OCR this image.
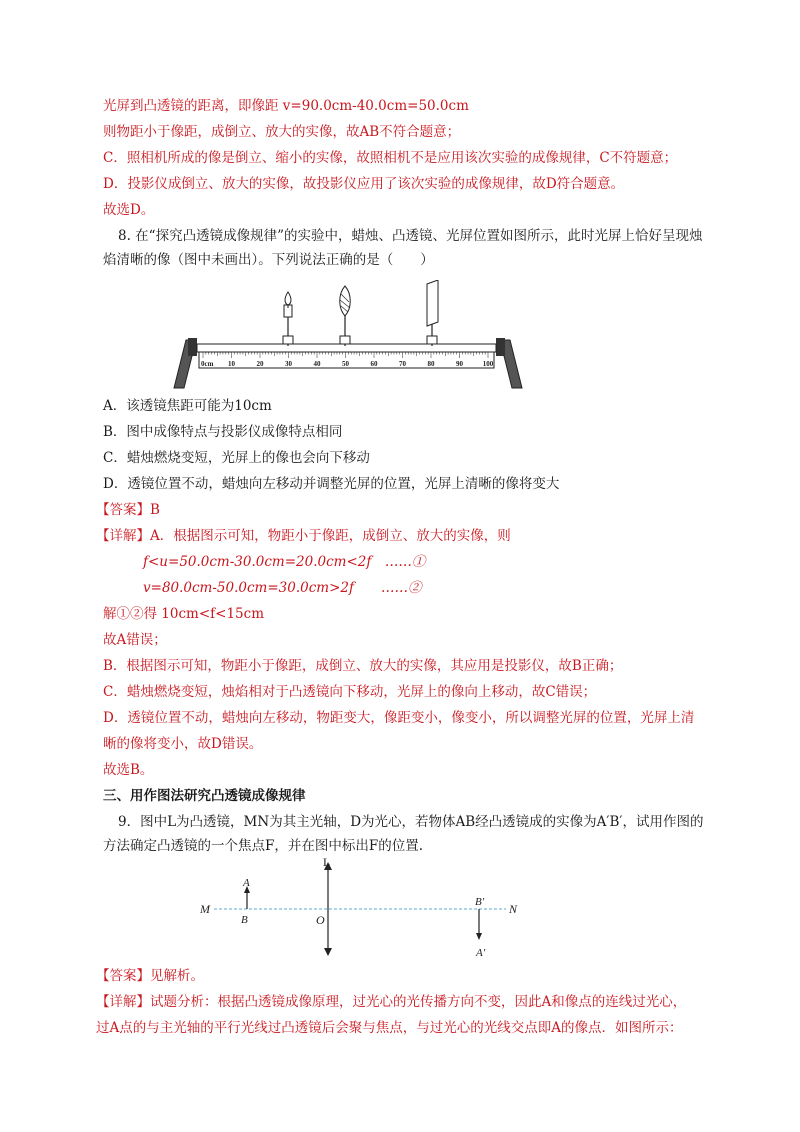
光屏到凸透镜的距离，即像距 v=90.0cm-40.0cm=50.0cm
则物距小于像距，成倒立、放大的实像，故AB不符合题意；
C．照相机所成的像是倒立、缩小的实像，故照相机不是应用该次实验的成像规律，C不符题意；
D．投影仪成倒立、放大的实像，故投影仪应用了该次实验的成像规律，故D符合题意。
故选D。
8. 在“探究凸透镜成像规律”的实验中，蜡烛、凸透镜、光屏位置如图所示，此时光屏上恰好呈现烛
焰清晰的像（图中未画出）。下列说法正确的是（　　）
0cm 10	20	30	40	50	60	70	80	90	100
A．该透镜焦距可能为10cm
B．图中成像特点与投影仪成像特点相同
C．蜡烛燃烧变短，光屏上的像也会向下移动
D．透镜位置不动，蜡烛向左移动并调整光屏的位置，光屏上清晰的像将变大
【答案】B
【详解】A．根据图示可知，物距小于像距，成倒立、放大的实像，则
f<u=50.0cm-30.0cm=20.0cm<2f　……①
v=80.0cm-50.0cm=30.0cm>2f　　……②
解①②得 10cm<f<15cm
故A错误；
B．根据图示可知，物距小于像距，成倒立、放大的实像，其应用是投影仪，故B正确；
C．蜡烛燃烧变短，烛焰相对于凸透镜向下移动，光屏上的像向上移动，故C错误；
D．透镜位置不动，蜡烛向左移动，物距变大，像距变小，像变小，所以调整光屏的位置，光屏上清
晰的像将变小，故D错误。
故选B。
三、用作图法研究凸透镜成像规律
9．图中L为凸透镜，MN为其主光轴，D为光心，若物体AB经凸透镜成的实像为A′B′，试用作图的
方法确定凸透镜的一个焦点F，并在图中标出F的位置.
L
M	N
O
A
B
A′
B′
【答案】见解析。
【详解】试题分析：根据凸透镜成像原理，过光心的光传播方向不变，因此A和像点的连线过光心，
过A点的与主光轴的平行光线过凸透镜后会聚与焦点，与过光心的光线交点即A的像点．如图所示：
